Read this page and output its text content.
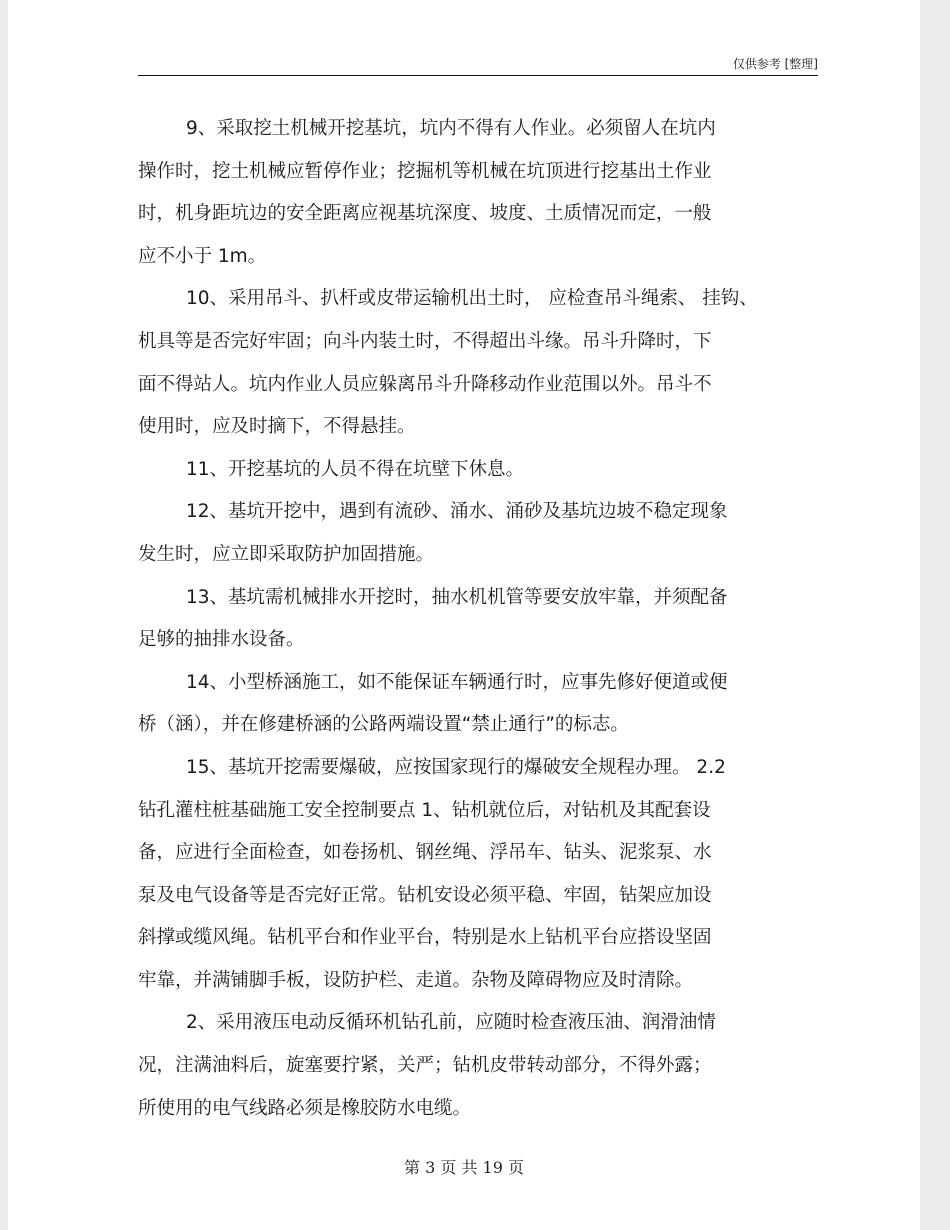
仅供参考 [整理]
9、采取挖土机械开挖基坑，坑内不得有人作业。必须留人在坑内
操作时，挖土机械应暂停作业；挖掘机等机械在坑顶进行挖基出土作业
时，机身距坑边的安全距离应视基坑深度、坡度、土质情况而定，一般
应不小于 1m。
10、采用吊斗、扒杆或皮带运输机出土时， 应检查吊斗绳索、 挂钩、
机具等是否完好牢固；向斗内装土时，不得超出斗缘。吊斗升降时，下
面不得站人。坑内作业人员应躲离吊斗升降移动作业范围以外。吊斗不
使用时，应及时摘下，不得悬挂。
11、开挖基坑的人员不得在坑壁下休息。
12、基坑开挖中，遇到有流砂、涌水、涌砂及基坑边坡不稳定现象
发生时，应立即采取防护加固措施。
13、基坑需机械排水开挖时，抽水机机管等要安放牢靠，并须配备
足够的抽排水设备。
14、小型桥涵施工，如不能保证车辆通行时，应事先修好便道或便
桥（涵），并在修建桥涵的公路两端设置“禁止通行”的标志。
15、基坑开挖需要爆破，应按国家现行的爆破安全规程办理。 2.2
钻孔灌柱桩基础施工安全控制要点 1、钻机就位后，对钻机及其配套设
备，应进行全面检查，如卷扬机、钢丝绳、浮吊车、钻头、泥浆泵、水
泵及电气设备等是否完好正常。钻机安设必须平稳、牢固，钻架应加设
斜撑或缆风绳。钻机平台和作业平台，特别是水上钻机平台应搭设坚固
牢靠，并满铺脚手板，设防护栏、走道。杂物及障碍物应及时清除。
2、采用液压电动反循环机钻孔前，应随时检查液压油、润滑油情
况，注满油料后，旋塞要拧紧，关严；钻机皮带转动部分，不得外露；
所使用的电气线路必须是橡胶防水电缆。
第 3 页 共 19 页
